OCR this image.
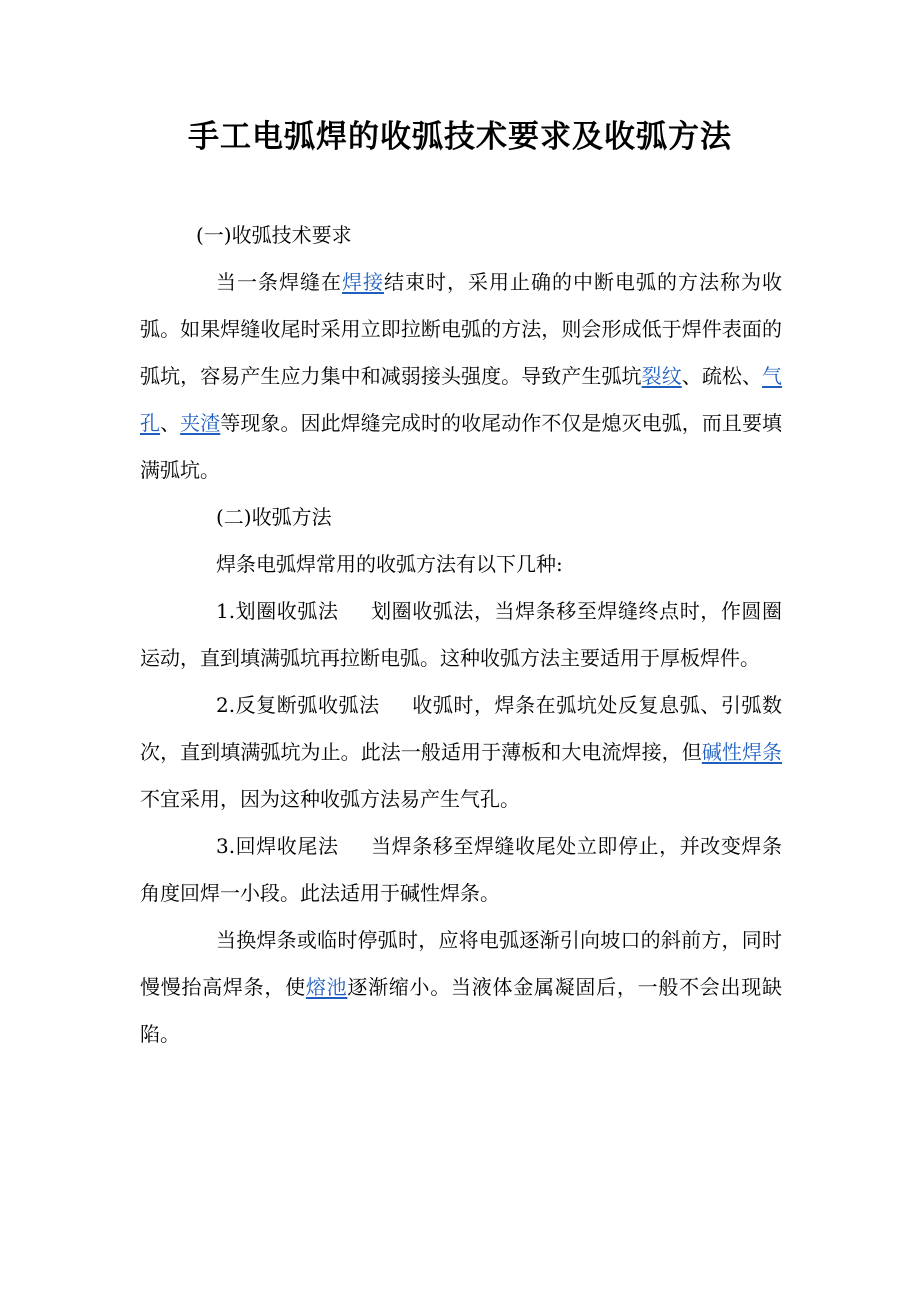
手工电弧焊的收弧技术要求及收弧方法

(一)收弧技术要求

当一条焊缝在焊接结束时，采用止确的中断电弧的方法称为收弧。如果焊缝收尾时采用立即拉断电弧的方法，则会形成低于焊件表面的弧坑，容易产生应力集中和减弱接头强度。导致产生弧坑裂纹、疏松、气孔、夹渣等现象。因此焊缝完成时的收尾动作不仅是熄灭电弧，而且要填满弧坑。

(二)收弧方法

焊条电弧焊常用的收弧方法有以下几种:

1.划圈收弧法 划圈收弧法，当焊条移至焊缝终点时，作圆圈运动，直到填满弧坑再拉断电弧。这种收弧方法主要适用于厚板焊件。

2.反复断弧收弧法 收弧时，焊条在弧坑处反复息弧、引弧数次，直到填满弧坑为止。此法一般适用于薄板和大电流焊接，但碱性焊条不宜采用，因为这种收弧方法易产生气孔。

3.回焊收尾法 当焊条移至焊缝收尾处立即停止，并改变焊条角度回焊一小段。此法适用于碱性焊条。

当换焊条或临时停弧时，应将电弧逐渐引向坡口的斜前方，同时慢慢抬高焊条，使熔池逐渐缩小。当液体金属凝固后，一般不会出现缺陷。
